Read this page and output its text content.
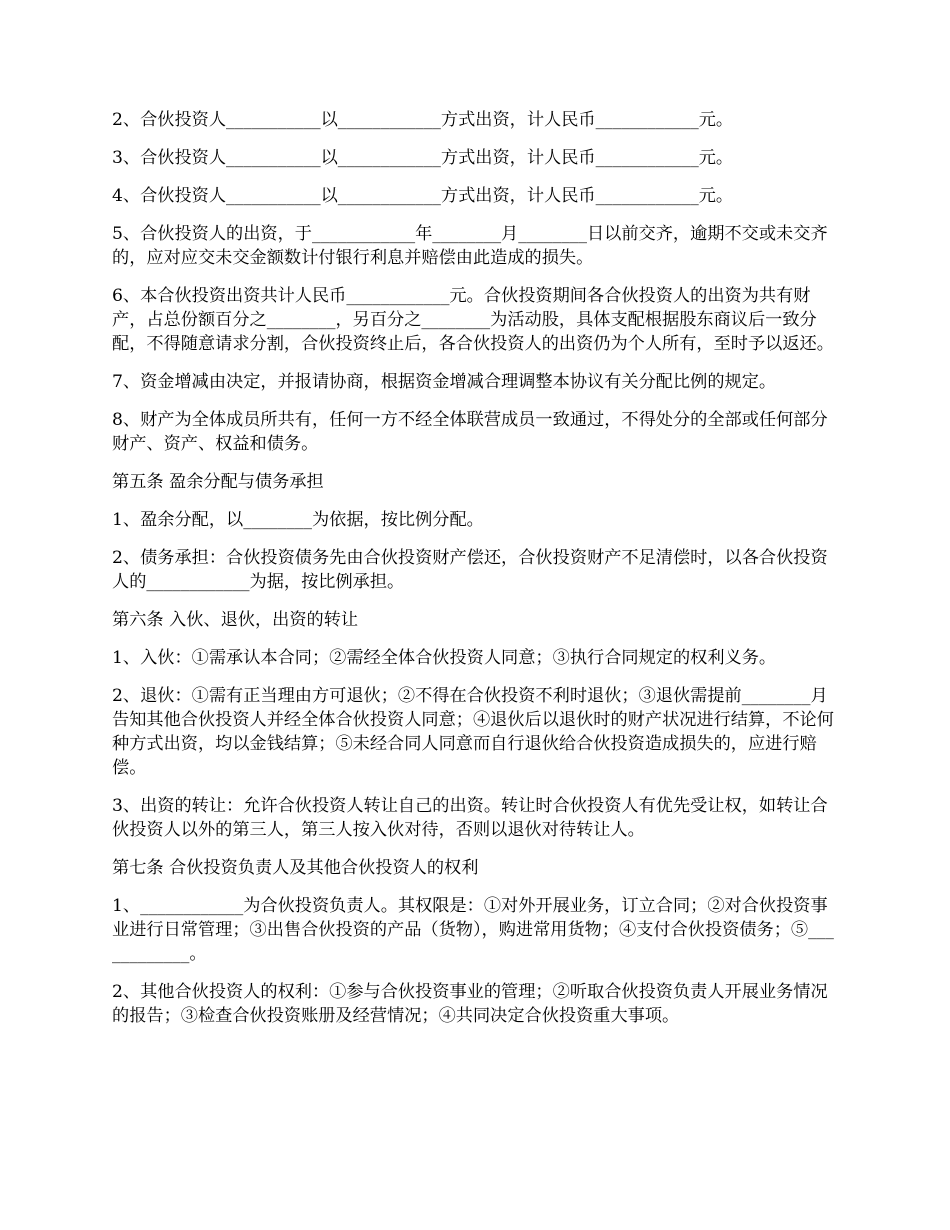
2、合伙投资人___________以____________方式出资，计人民币____________元。

3、合伙投资人___________以____________方式出资，计人民币____________元。

4、合伙投资人___________以____________方式出资，计人民币____________元。

5、合伙投资人的出资，于____________年________月________日以前交齐，逾期不交或未交齐的，应对应交未交金额数计付银行利息并赔偿由此造成的损失。

6、本合伙投资出资共计人民币____________元。合伙投资期间各合伙投资人的出资为共有财产，占总份额百分之________，另百分之________为活动股，具体支配根据股东商议后一致分配，不得随意请求分割，合伙投资终止后，各合伙投资人的出资仍为个人所有，至时予以返还。

7、资金增减由决定，并报请协商，根据资金增减合理调整本协议有关分配比例的规定。

8、财产为全体成员所共有，任何一方不经全体联营成员一致通过，不得处分的全部或任何部分财产、资产、权益和债务。

第五条 盈余分配与债务承担

1、盈余分配，以________为依据，按比例分配。

2、债务承担：合伙投资债务先由合伙投资财产偿还，合伙投资财产不足清偿时，以各合伙投资人的____________为据，按比例承担。

第六条 入伙、退伙，出资的转让

1、入伙：①需承认本合同；②需经全体合伙投资人同意；③执行合同规定的权利义务。

2、退伙：①需有正当理由方可退伙；②不得在合伙投资不利时退伙；③退伙需提前________月告知其他合伙投资人并经全体合伙投资人同意；④退伙后以退伙时的财产状况进行结算，不论何种方式出资，均以金钱结算；⑤未经合同人同意而自行退伙给合伙投资造成损失的，应进行赔偿。

3、出资的转让：允许合伙投资人转让自己的出资。转让时合伙投资人有优先受让权，如转让合伙投资人以外的第三人，第三人按入伙对待，否则以退伙对待转让人。

第七条 合伙投资负责人及其他合伙投资人的权利

1、____________为合伙投资负责人。其权限是：①对外开展业务，订立合同；②对合伙投资事业进行日常管理；③出售合伙投资的产品（货物），购进常用货物；④支付合伙投资债务；⑤____________。

2、其他合伙投资人的权利：①参与合伙投资事业的管理；②听取合伙投资负责人开展业务情况的报告；③检查合伙投资账册及经营情况；④共同决定合伙投资重大事项。
